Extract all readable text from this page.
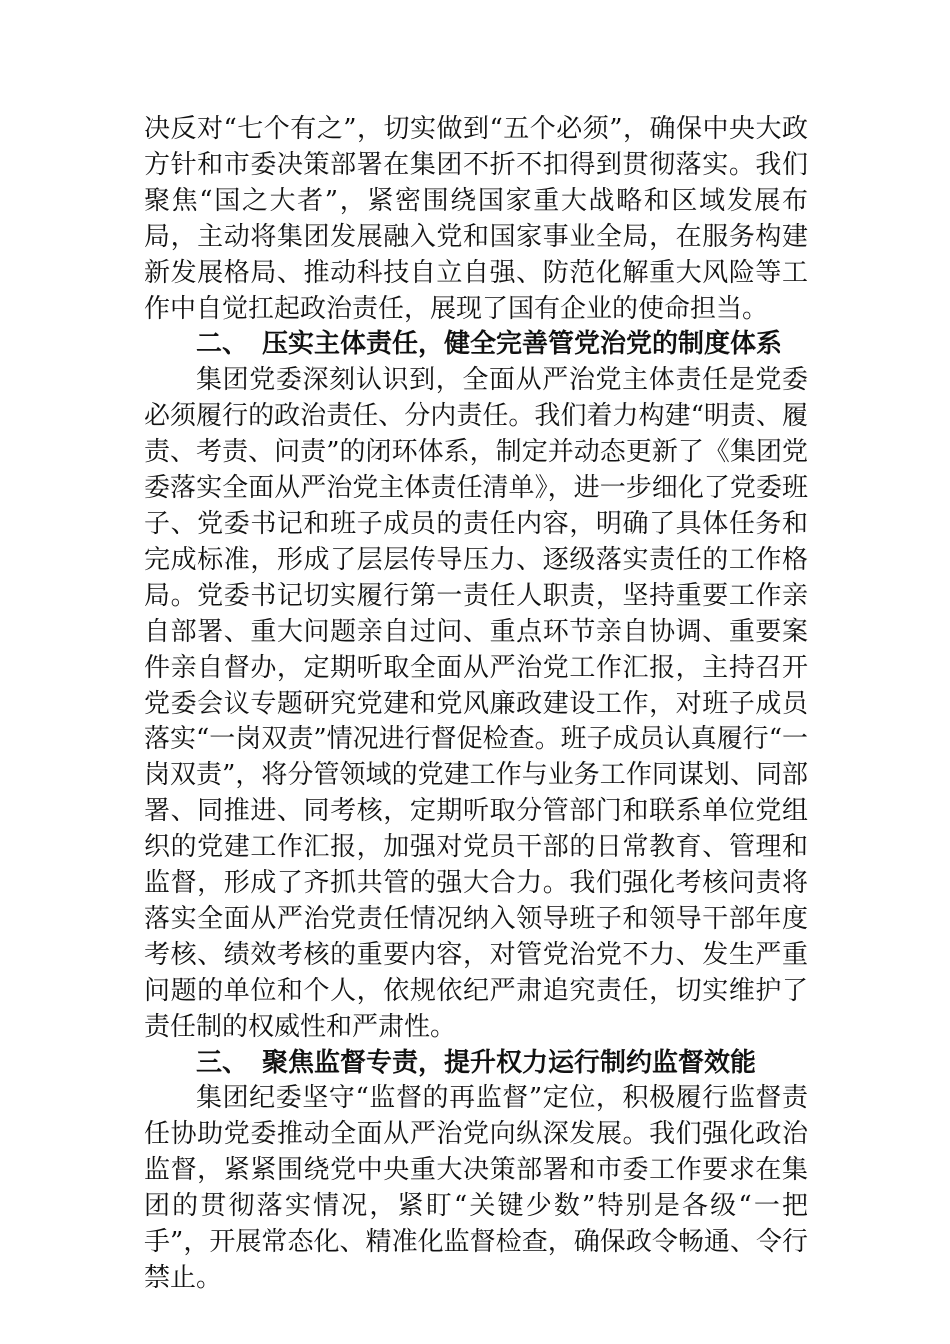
决反对“七个有之”，切实做到“五个必须”，确保中央大政方针和市委决策部署在集团不折不扣得到贯彻落实。我们聚焦“国之大者”，紧密围绕国家重大战略和区域发展布局，主动将集团发展融入党和国家事业全局，在服务构建新发展格局、推动科技自立自强、防范化解重大风险等工作中自觉扛起政治责任，展现了国有企业的使命担当。

二、 压实主体责任，健全完善管党治党的制度体系

集团党委深刻认识到，全面从严治党主体责任是党委必须履行的政治责任、分内责任。我们着力构建“明责、履责、考责、问责”的闭环体系，制定并动态更新了《集团党委落实全面从严治党主体责任清单》，进一步细化了党委班子、党委书记和班子成员的责任内容，明确了具体任务和完成标准，形成了层层传导压力、逐级落实责任的工作格局。党委书记切实履行第一责任人职责，坚持重要工作亲自部署、重大问题亲自过问、重点环节亲自协调、重要案件亲自督办，定期听取全面从严治党工作汇报，主持召开党委会议专题研究党建和党风廉政建设工作，对班子成员落实“一岗双责”情况进行督促检查。班子成员认真履行“一岗双责”，将分管领域的党建工作与业务工作同谋划、同部署、同推进、同考核，定期听取分管部门和联系单位党组织的党建工作汇报，加强对党员干部的日常教育、管理和监督，形成了齐抓共管的强大合力。我们强化考核问责将落实全面从严治党责任情况纳入领导班子和领导干部年度考核、绩效考核的重要内容，对管党治党不力、发生严重问题的单位和个人，依规依纪严肃追究责任，切实维护了责任制的权威性和严肃性。

三、 聚焦监督专责，提升权力运行制约监督效能

集团纪委坚守“监督的再监督”定位，积极履行监督责任协助党委推动全面从严治党向纵深发展。我们强化政治监督，紧紧围绕党中央重大决策部署和市委工作要求在集团的贯彻落实情况，紧盯“关键少数”特别是各级“一把手”，开展常态化、精准化监督检查，确保政令畅通、令行禁止。
